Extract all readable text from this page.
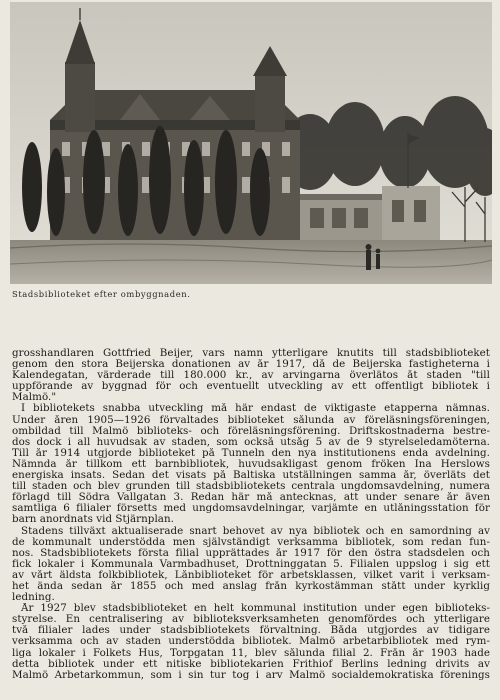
Stadsbiblioteket efter ombyggnaden.

grosshandlaren Gottfried Beijer, vars namn ytterligare knutits till stadsbiblioteket
genom den stora Beijerska donationen av år 1917, då de Beijerska fastigheterna i
Kalendegatan, värderade till 180.000 kr., av arvingarna överlätos åt staden "till
uppförande av byggnad för och eventuellt utveckling av ett offentligt bibliotek i
Malmö."

I bibliotekets snabba utveckling må här endast de viktigaste etapperna nämnas.
Under åren 1905—1926 förvaltades biblioteket sålunda av föreläsningsföreningen,
ombildad till Malmö biblioteks- och föreläsningsförening. Driftskostnaderna bestre-
dos dock i all huvudsak av staden, som också utsåg 5 av de 9 styrelseledamöterna.
Till år 1914 utgjorde biblioteket på Tunneln den nya institutionens enda avdelning.
Nämnda år tillkom ett barnbibliotek, huvudsakligast genom fröken Ina Herslows
energiska insats. Sedan det visats på Baltiska utställningen samma år, överläts det
till staden och blev grunden till stadsbibliotekets centrala ungdomsavdelning, numera
förlagd till Södra Vallgatan 3. Redan här må antecknas, att under senare år även
samtliga 6 filialer försetts med ungdomsavdelningar, varjämte en utlåningsstation för
barn anordnats vid Stjärnplan.

Stadens tillväxt aktualiserade snart behovet av nya bibliotek och en samordning av
de kommunalt understödda men självständigt verksamma bibliotek, som redan fun-
nos. Stadsbibliotekets första filial upprättades år 1917 för den östra stadsdelen och
fick lokaler i Kommunala Varmbadhuset, Drottninggatan 5. Filialen uppslog i sig ett
av vårt äldsta folkbibliotek, Lånbiblioteket för arbetsklassen, vilket varit i verksam-
het ända sedan år 1855 och med anslag från kyrkostämman stått under kyrklig
ledning.

År 1927 blev stadsbiblioteket en helt kommunal institution under egen biblioteks-
styrelse. En centralisering av biblioteksverksamheten genomfördes och ytterligare
två filialer lades under stadsbibliotekets förvaltning. Båda utgjordes av tidigare
verksamma och av staden understödda bibliotek. Malmö arbetarbibliotek med rym-
liga lokaler i Folkets Hus, Torpgatan 11, blev sålunda filial 2. Från år 1903 hade
detta bibliotek under ett nitiske bibliotekarien Frithiof Berlins ledning drivits av
Malmö Arbetarkommun, som i sin tur tog i arv Malmö socialdemokratiska förenings
